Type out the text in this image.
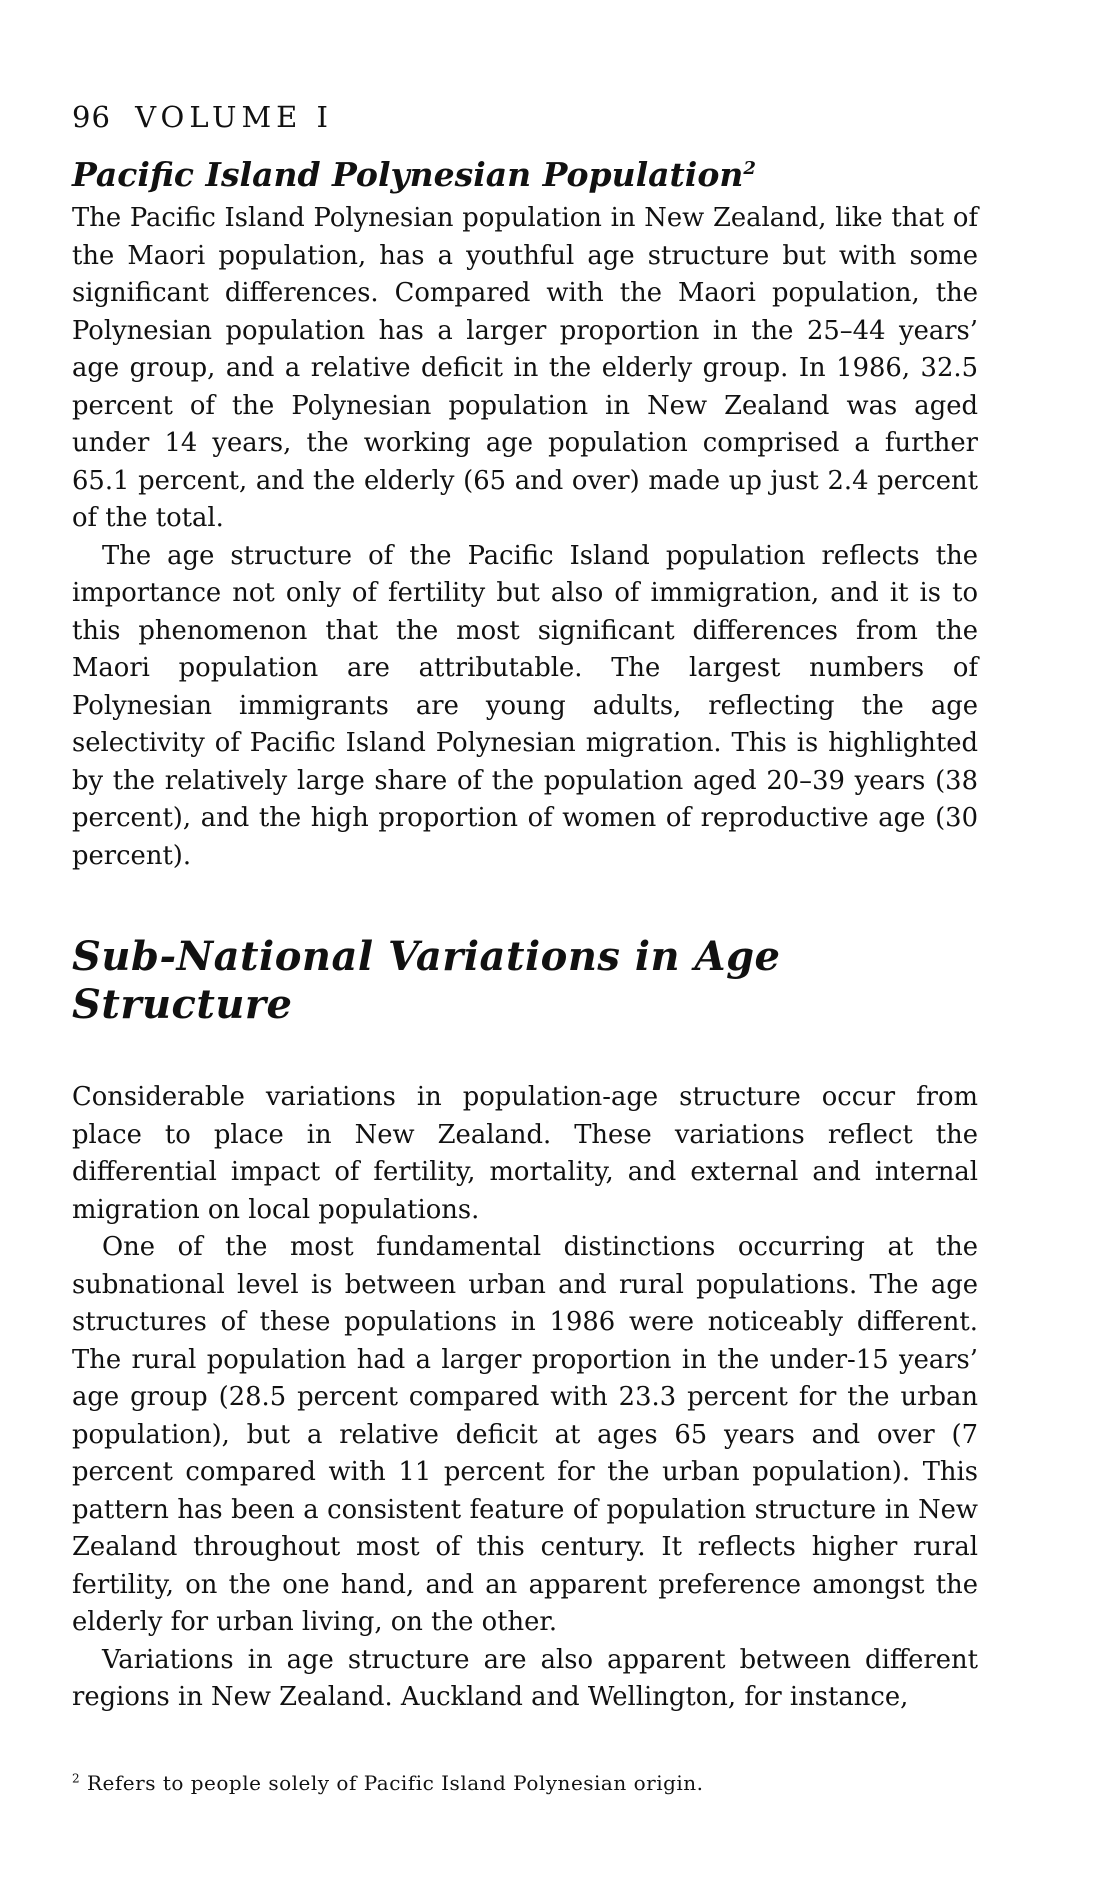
96 VOLUME I
Pacific Island Polynesian Population$^2$

The Pacific Island Polynesian population in New Zealand, like that of the Maori population, has a youthful age structure but with some significant differences. Compared with the Maori population, the Polynesian population has a larger proportion in the 25–44 years’ age group, and a relative deficit in the elderly group. In 1986, 32.5 percent of the Polynesian population in New Zealand was aged under 14 years, the working age population comprised a further 65.1 percent, and the elderly (65 and over) made up just 2.4 percent of the total.

The age structure of the Pacific Island population reflects the importance not only of fertility but also of immigration, and it is to this phenomenon that the most significant differences from the Maori population are attributable. The largest numbers of Polynesian immigrants are young adults, reflecting the age selectivity of Pacific Island Polynesian migration. This is highlighted by the relatively large share of the population aged 20–39 years (38 percent), and the high proportion of women of reproductive age (30 percent).

Sub-National Variations in Age Structure

Considerable variations in population-age structure occur from place to place in New Zealand. These variations reflect the differential impact of fertility, mortality, and external and internal migration on local populations.

One of the most fundamental distinctions occurring at the subnational level is between urban and rural populations. The age structures of these populations in 1986 were noticeably different. The rural population had a larger proportion in the under-15 years’ age group (28.5 percent compared with 23.3 percent for the urban population), but a relative deficit at ages 65 years and over (7 percent compared with 11 percent for the urban population). This pattern has been a consistent feature of population structure in New Zealand throughout most of this century. It reflects higher rural fertility, on the one hand, and an apparent preference amongst the elderly for urban living, on the other.

Variations in age structure are also apparent between different regions in New Zealand. Auckland and Wellington, for instance,

$^2$ Refers to people solely of Pacific Island Polynesian origin.
